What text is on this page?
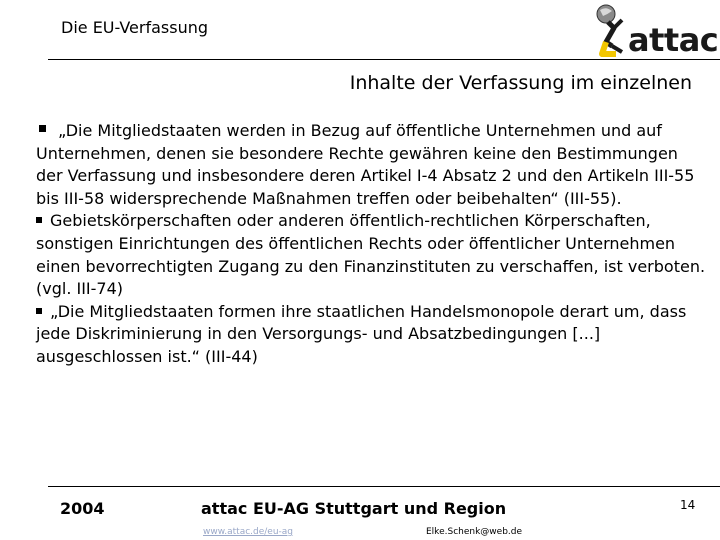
Die EU-Verfassung	attac
Inhalte der Verfassung im einzelnen

„Die Mitgliedstaaten werden in Bezug auf öffentliche Unternehmen und auf Unternehmen, denen sie besondere Rechte gewähren keine den Bestimmungen der Verfassung und insbesondere deren Artikel I-4 Absatz 2 und den Artikeln III-55 bis III-58 widersprechende Maßnahmen treffen oder beibehalten“ (III-55).

Gebietskörperschaften oder anderen öffentlich-rechtlichen Körperschaften, sonstigen Einrichtungen des öffentlichen Rechts oder öffentlicher Unternehmen einen bevorrechtigten Zugang zu den Finanzinstituten zu verschaffen, ist verboten. (vgl. III-74)

„Die Mitgliedstaaten formen ihre staatlichen Handelsmonopole derart um, dass jede Diskriminierung in den Versorgungs- und Absatzbedingungen [...] ausgeschlossen ist.“ (III-44)

2004	attac EU-AG Stuttgart und Region	14
www.attac.de/eu-ag	Elke.Schenk@web.de
